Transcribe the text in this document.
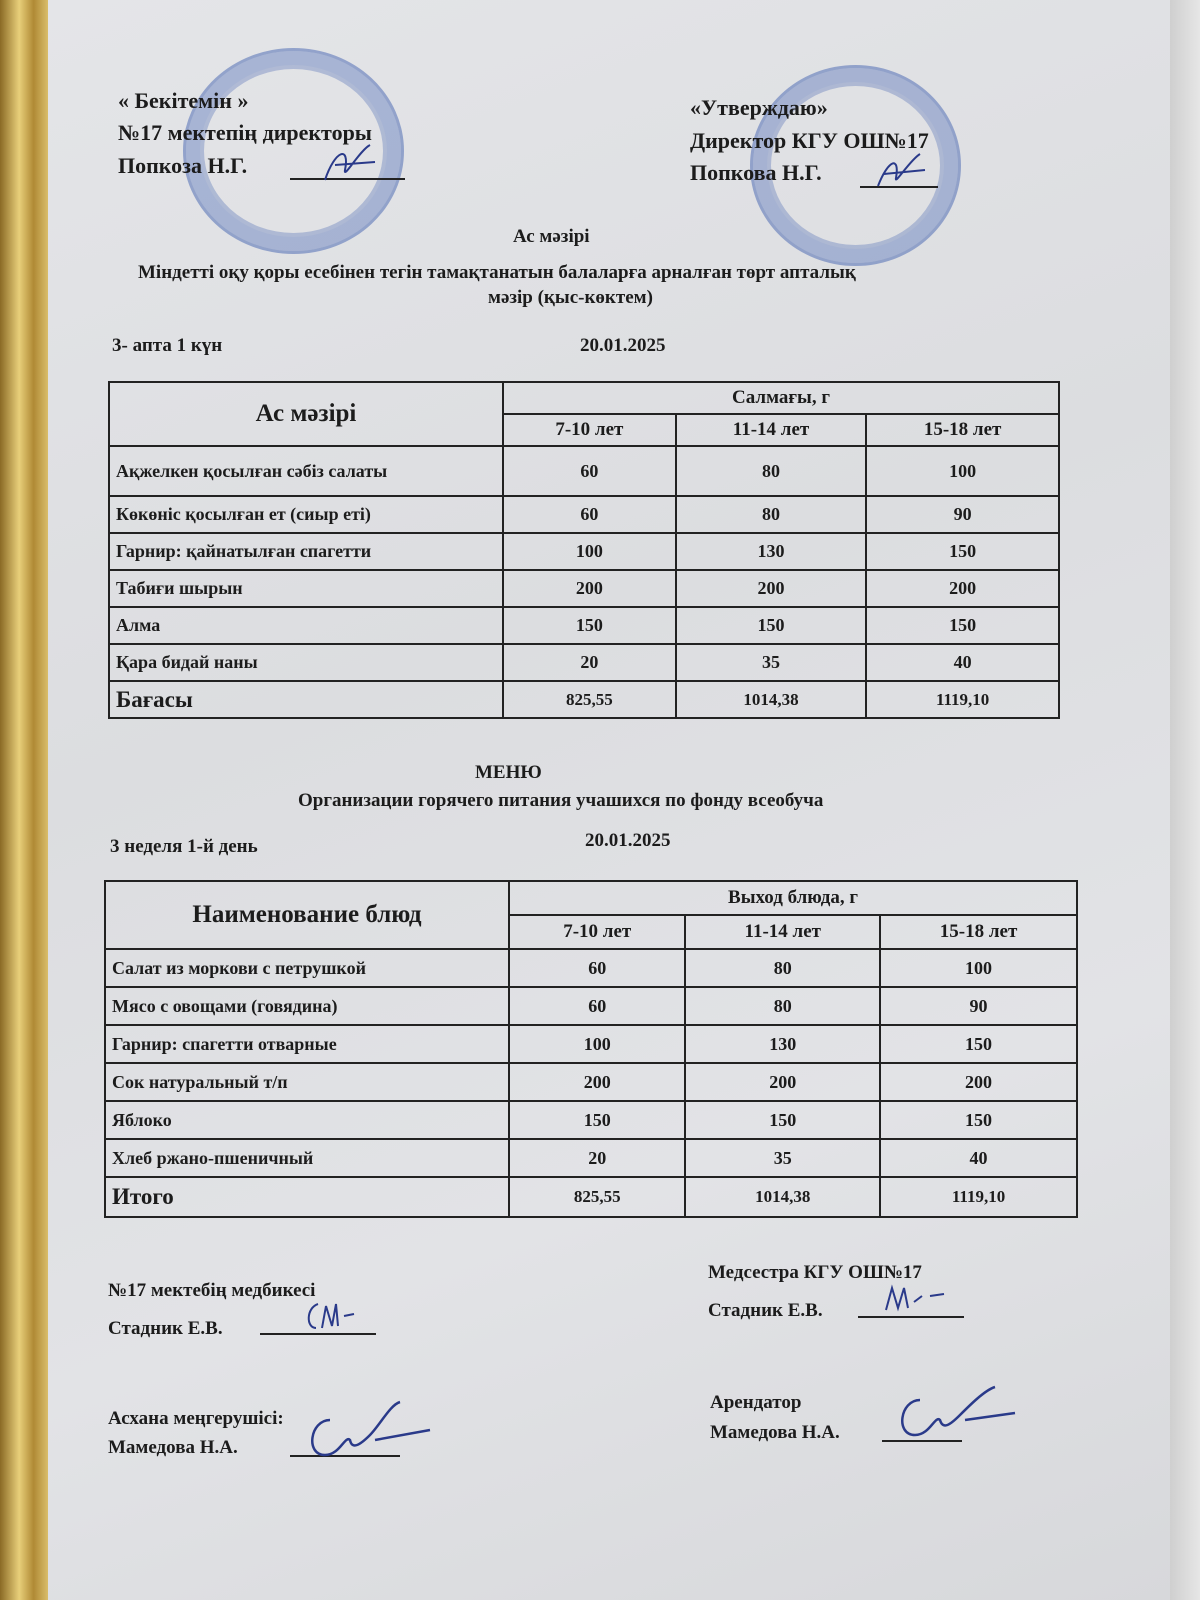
« Бекітемін »
№17 мектепің директоры
Попкоза Н.Г.
«Утверждаю»
Директор КГУ ОШ№17
Попкова Н.Г.
Ас мәзірі
Міндетті оқу қоры есебінен тегін тамақтанатын балаларға арналған төрт апталық
мәзір (қыс-көктем)
3- апта 1 күн	20.01.2025
Ас мәзірі	Салмағы, г		
	7-10 лет	11-14 лет	15-18 лет
Ақжелкен қосылған сәбіз салаты	60	80	100
Көкөніс қосылған ет (сиыр еті)	60	80	90
Гарнир: қайнатылған спагетти	100	130	150
Табиғи шырын	200	200	200
Алма	150	150	150
Қара бидай наны	20	35	40
Бағасы	825,55	1014,38	1119,10
МЕНЮ
Организации горячего питания учашихся по фонду всеобуча
3 неделя 1-й день	20.01.2025
Наименование блюд	Выход блюда, г		
	7-10 лет	11-14 лет	15-18 лет
Салат из моркови с петрушкой	60	80	100
Мясо с овощами (говядина)	60	80	90
Гарнир: спагетти отварные	100	130	150
Сок натуральный т/п	200	200	200
Яблоко	150	150	150
Хлеб ржано-пшеничный	20	35	40
Итого	825,55	1014,38	1119,10
№17 мектебің медбикесі
Стадник Е.В.
Медсестра КГУ ОШ№17
Стадник Е.В.
Асхана меңгерушісі:
Мамедова Н.А.
Арендатор
Мамедова Н.А.
